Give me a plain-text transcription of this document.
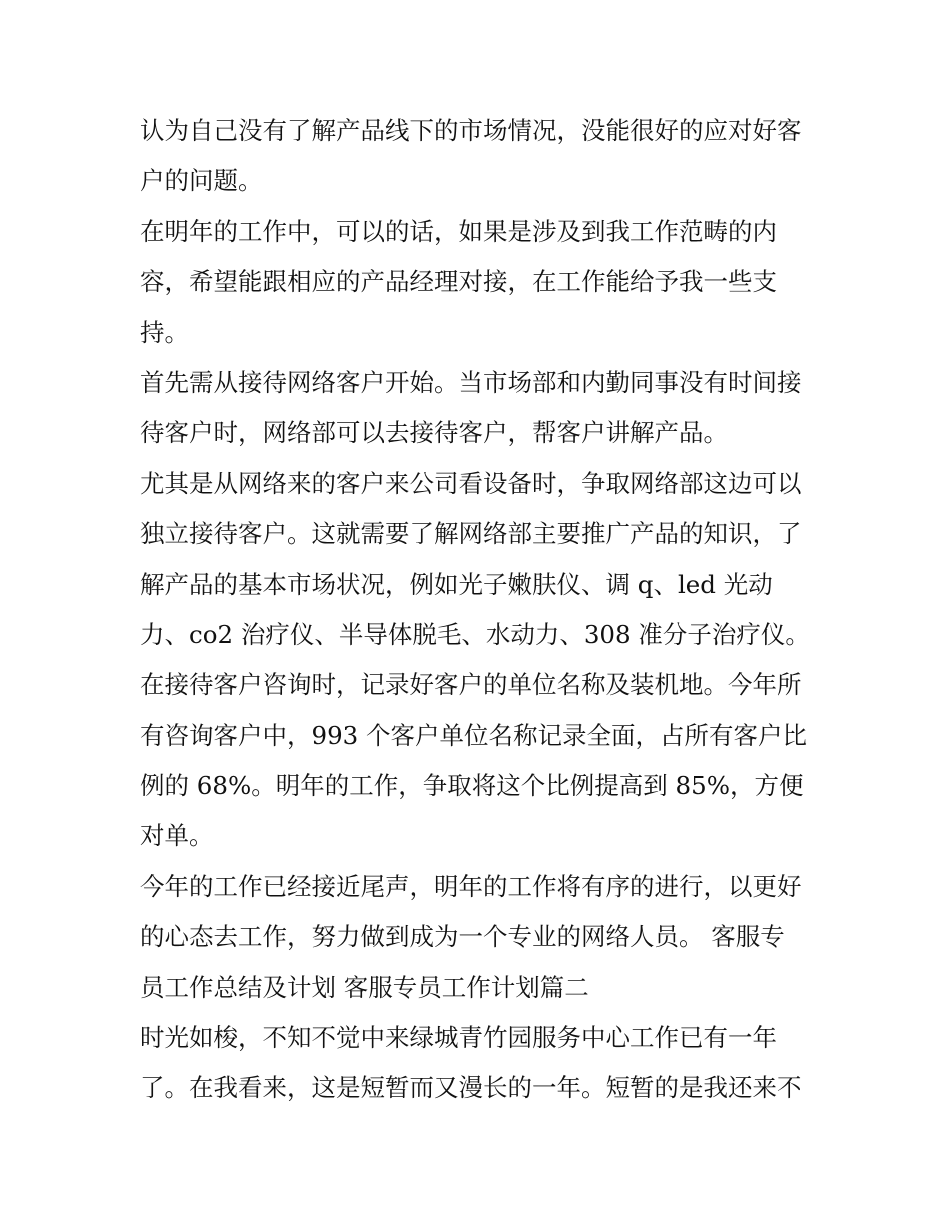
认为自己没有了解产品线下的市场情况，没能很好的应对好客
户的问题。

在明年的工作中，可以的话，如果是涉及到我工作范畴的内
容，希望能跟相应的产品经理对接，在工作能给予我一些支
持。

首先需从接待网络客户开始。当市场部和内勤同事没有时间接
待客户时，网络部可以去接待客户，帮客户讲解产品。

尤其是从网络来的客户来公司看设备时，争取网络部这边可以
独立接待客户。这就需要了解网络部主要推广产品的知识，了
解产品的基本市场状况，例如光子嫩肤仪、调 q、led 光动
力、co2 治疗仪、半导体脱毛、水动力、308 准分子治疗仪。

在接待客户咨询时，记录好客户的单位名称及装机地。今年所
有咨询客户中，993 个客户单位名称记录全面，占所有客户比
例的 68%。明年的工作，争取将这个比例提高到 85%，方便
对单。

今年的工作已经接近尾声，明年的工作将有序的进行，以更好
的心态去工作，努力做到成为一个专业的网络人员。 客服专
员工作总结及计划 客服专员工作计划篇二

时光如梭，不知不觉中来绿城青竹园服务中心工作已有一年
了。在我看来，这是短暂而又漫长的一年。短暂的是我还来不
